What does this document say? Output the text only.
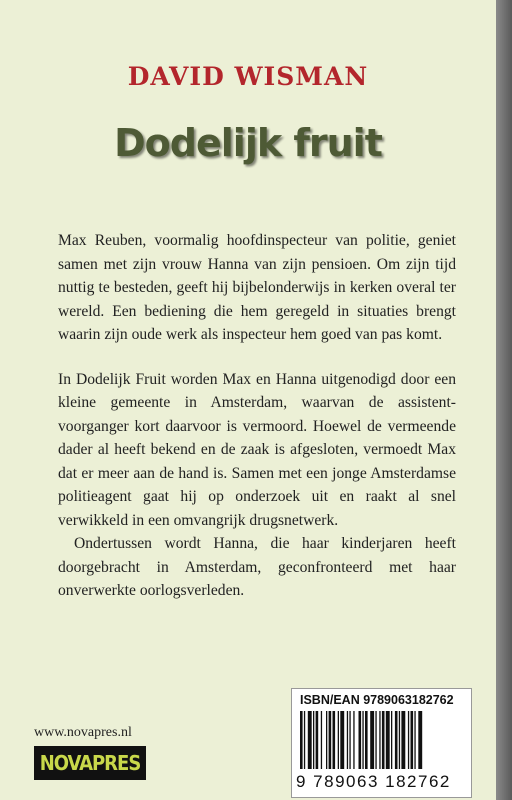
DAVID WISMAN
Dodelijk fruit

Max Reuben, voormalig hoofdinspecteur van politie, geniet samen met zijn vrouw Hanna van zijn pensioen. Om zijn tijd nuttig te besteden, geeft hij bijbelonderwijs in kerken overal ter wereld. Een bediening die hem geregeld in situaties brengt waarin zijn oude werk als inspecteur hem goed van pas komt.

In Dodelijk Fruit worden Max en Hanna uitgenodigd door een kleine gemeente in Amsterdam, waarvan de assistent-voorganger kort daarvoor is vermoord. Hoewel de vermeende dader al heeft bekend en de zaak is afgesloten, vermoedt Max dat er meer aan de hand is. Samen met een jonge Amsterdamse politieagent gaat hij op onderzoek uit en raakt al snel verwikkeld in een omvangrijk drugsnetwerk.

Ondertussen wordt Hanna, die haar kinderjaren heeft doorgebracht in Amsterdam, geconfronteerd met haar onverwerkte oorlogsverleden.

www.novapres.nl
NOVAPRES
ISBN/EAN 9789063182762
9 789063 182762
